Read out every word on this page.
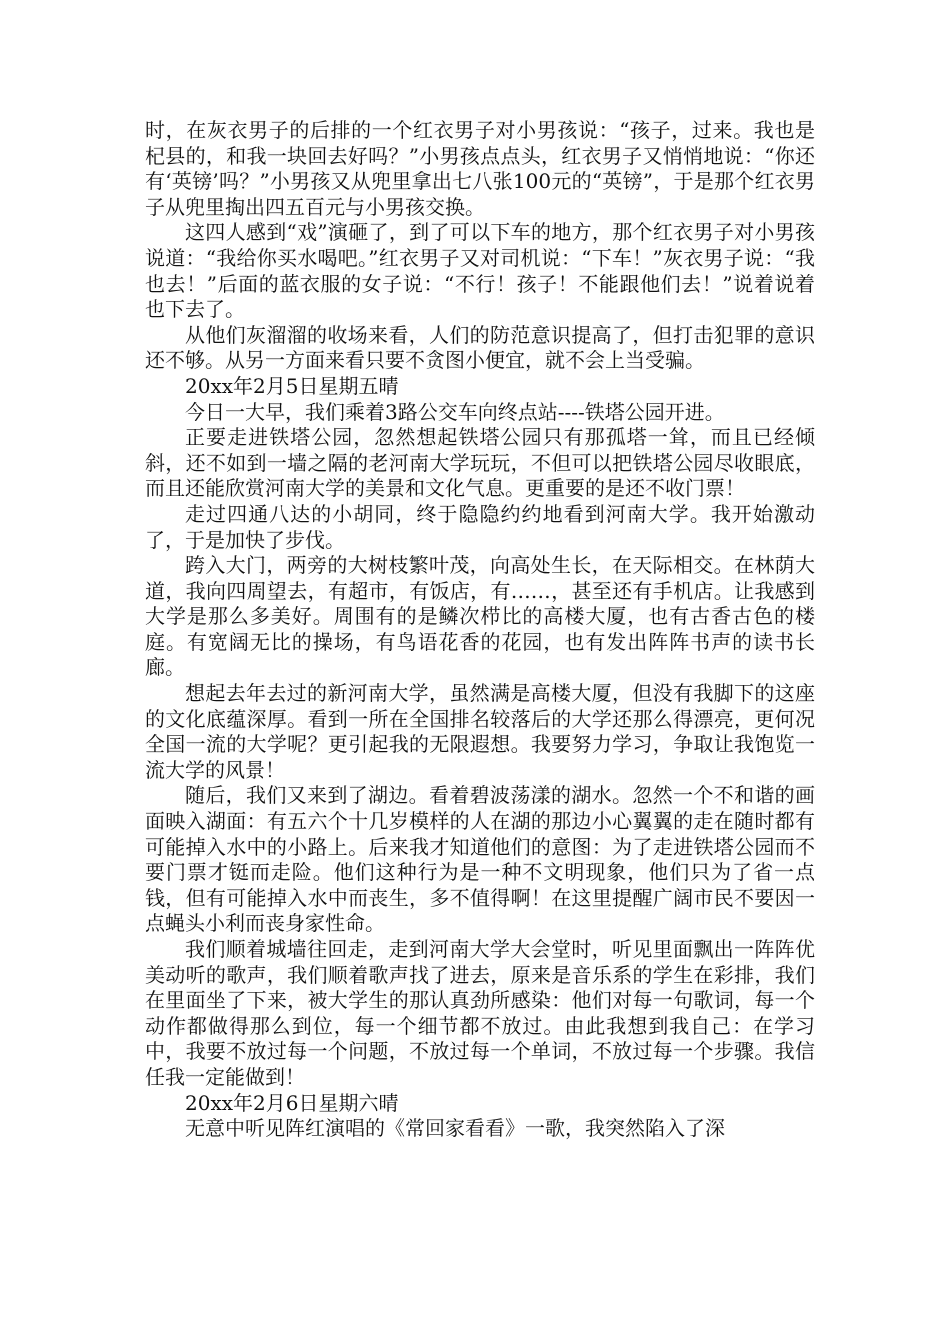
时，在灰衣男子的后排的一个红衣男子对小男孩说：“孩子，过来。我也是杞县的，和我一块回去好吗？”小男孩点点头，红衣男子又悄悄地说：“你还有‘英镑’吗？”小男孩又从兜里拿出七八张100元的“英镑”，于是那个红衣男子从兜里掏出四五百元与小男孩交换。

这四人感到“戏”演砸了，到了可以下车的地方，那个红衣男子对小男孩说道：“我给你买水喝吧。”红衣男子又对司机说：“下车！”灰衣男子说：“我也去！”后面的蓝衣服的女子说：“不行！孩子！不能跟他们去！”说着说着也下去了。

从他们灰溜溜的收场来看，人们的防范意识提高了，但打击犯罪的意识还不够。从另一方面来看只要不贪图小便宜，就不会上当受骗。

20xx年2月5日星期五晴

今日一大早，我们乘着3路公交车向终点站----铁塔公园开进。

正要走进铁塔公园，忽然想起铁塔公园只有那孤塔一耸，而且已经倾斜，还不如到一墙之隔的老河南大学玩玩，不但可以把铁塔公园尽收眼底，而且还能欣赏河南大学的美景和文化气息。更重要的是还不收门票！

走过四通八达的小胡同，终于隐隐约约地看到河南大学。我开始激动了，于是加快了步伐。

跨入大门，两旁的大树枝繁叶茂，向高处生长，在天际相交。在林荫大道，我向四周望去，有超市，有饭店，有……，甚至还有手机店。让我感到大学是那么多美好。周围有的是鳞次栉比的高楼大厦，也有古香古色的楼庭。有宽阔无比的操场，有鸟语花香的花园，也有发出阵阵书声的读书长廊。

想起去年去过的新河南大学，虽然满是高楼大厦，但没有我脚下的这座的文化底蕴深厚。看到一所在全国排名较落后的大学还那么得漂亮，更何况全国一流的大学呢？更引起我的无限遐想。我要努力学习，争取让我饱览一流大学的风景！

随后，我们又来到了湖边。看着碧波荡漾的湖水。忽然一个不和谐的画面映入湖面：有五六个十几岁模样的人在湖的那边小心翼翼的走在随时都有可能掉入水中的小路上。后来我才知道他们的意图：为了走进铁塔公园而不要门票才铤而走险。他们这种行为是一种不文明现象，他们只为了省一点钱，但有可能掉入水中而丧生，多不值得啊！在这里提醒广阔市民不要因一点蝇头小利而丧身家性命。

我们顺着城墙往回走，走到河南大学大会堂时，听见里面飘出一阵阵优美动听的歌声，我们顺着歌声找了进去，原来是音乐系的学生在彩排，我们在里面坐了下来，被大学生的那认真劲所感染：他们对每一句歌词，每一个动作都做得那么到位，每一个细节都不放过。由此我想到我自己：在学习中，我要不放过每一个问题，不放过每一个单词，不放过每一个步骤。我信任我一定能做到！

20xx年2月6日星期六晴

无意中听见阵红演唱的《常回家看看》一歌，我突然陷入了深
